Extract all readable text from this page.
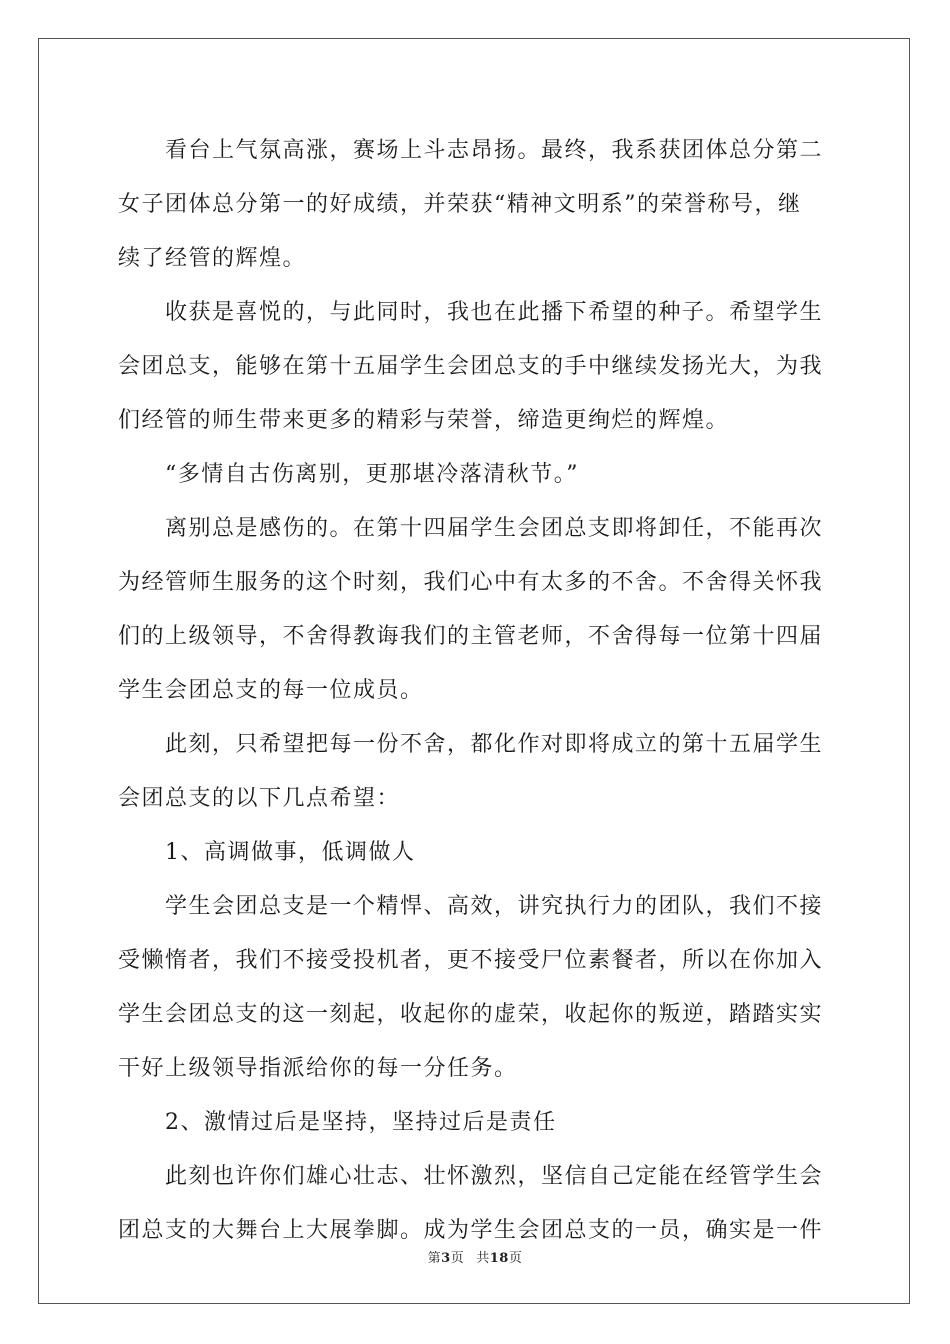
　　看台上气氛高涨，赛场上斗志昂扬。最终，我系获团体总分第二
女子团体总分第一的好成绩，并荣获“精神文明系”的荣誉称号，继
续了经管的辉煌。
　　收获是喜悦的，与此同时，我也在此播下希望的种子。希望学生
会团总支，能够在第十五届学生会团总支的手中继续发扬光大，为我
们经管的师生带来更多的精彩与荣誉，缔造更绚烂的辉煌。
　　“多情自古伤离别，更那堪冷落清秋节。”
　　离别总是感伤的。在第十四届学生会团总支即将卸任，不能再次
为经管师生服务的这个时刻，我们心中有太多的不舍。不舍得关怀我
们的上级领导，不舍得教诲我们的主管老师，不舍得每一位第十四届
学生会团总支的每一位成员。
　　此刻，只希望把每一份不舍，都化作对即将成立的第十五届学生
会团总支的以下几点希望：
　　1、高调做事，低调做人
　　学生会团总支是一个精悍、高效，讲究执行力的团队，我们不接
受懒惰者，我们不接受投机者，更不接受尸位素餐者，所以在你加入
学生会团总支的这一刻起，收起你的虚荣，收起你的叛逆，踏踏实实
干好上级领导指派给你的每一分任务。
　　2、激情过后是坚持，坚持过后是责任
　　此刻也许你们雄心壮志、壮怀激烈，坚信自己定能在经管学生会
团总支的大舞台上大展拳脚。成为学生会团总支的一员，确实是一件
第3页 共18页
